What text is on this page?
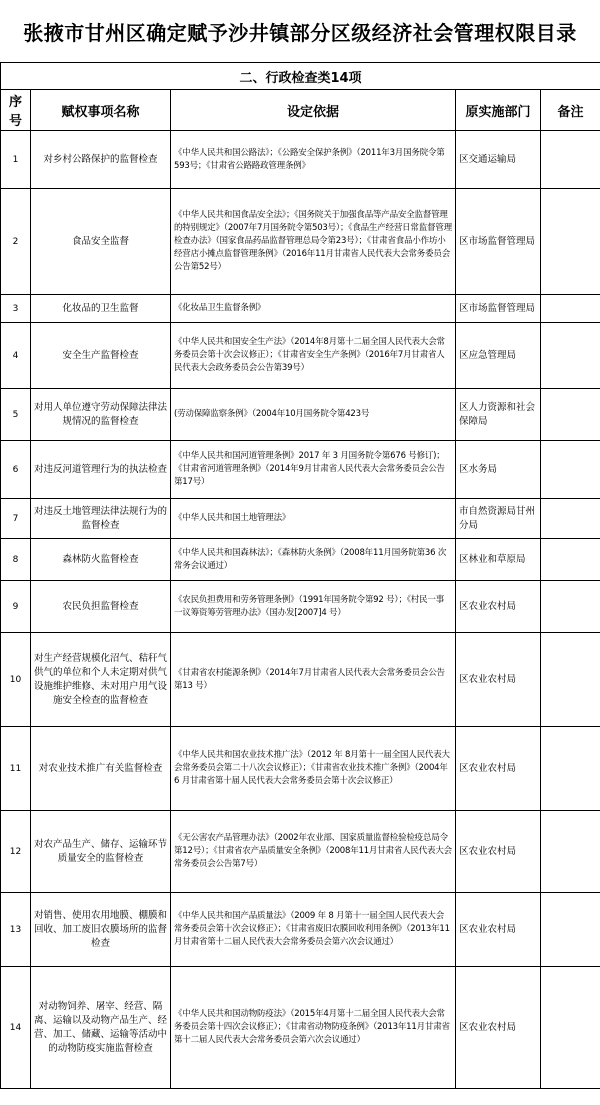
张掖市甘州区确定赋予沙井镇部分区级经济社会管理权限目录
二、行政检查类14项				
序号	赋权事项名称	设定依据	原实施部门	备注
1	对乡村公路保护的监督检查	《中华人民共和国公路法》；《公路安全保护条例》（2011年3月国务院令第593号；《甘肃省公路路政管理条例》	区交通运输局	
2	食品安全监督	《中华人民共和国食品安全法》；《国务院关于加强食品等产品安全监督管理的特别规定》（2007年7月国务院令第503号）；《食品生产经营日常监督管理检查办法》（国家食品药品监督管理总局令第23号）；《甘肃省食品小作坊小经营店小摊点监督管理条例》（2016年11月甘肃省人民代表大会常务委员会公告第52号）	区市场监督管理局	
3	化妆品的卫生监督	《化妆品卫生监督条例》	区市场监督管理局	
4	安全生产监督检查	《中华人民共和国安全生产法》（2014年8月第十二届全国人民代表大会常务委员会第十次会议修正）；《甘肃省安全生产条例》（2016年7月甘肃省人民代表大会政务委员会公告第39号）	区应急管理局	
5	对用人单位遵守劳动保障法律法规情况的监督检查	(劳动保障监察条例》（2004年10月国务院令第423号	区人力资源和社会保障局	
6	对违反河道管理行为的执法检查	《中华人民共和国河道管理条例》2017 年 3 月国务院令第676 号修订)；《甘肃省河道管理条例》（2014年9月甘肃省人民代表大会常务委员会公告第17号）	区水务局	
7	对违反土地管理法律法规行为的监督检查	《中华人民共和国土地管理法》	市自然资源局甘州分局	
8	森林防火监督检查	《中华人民共和国森林法》；《森林防火条例》（2008年11月国务院第36 次常务会议通过）	区林业和草原局	
9	农民负担监督检查	《农民负担费用和劳务管理条例》（1991年国务院令第92 号）；《村民一事一议筹资筹劳管理办法》（国办发[2007]4 号）	区农业农村局	
10	对生产经营规模化沼气、秸秆气供气的单位和个人未定期对供气设施维护维修、未对用户用气设施安全检查的监督检查	《甘肃省农村能源条例》（2014年7月甘肃省人民代表大会常务委员会公告第13 号）	区农业农村局	
11	对农业技术推广有关监督检查	《中华人民共和国农业技术推广法》（2012 年 8月第十一届全国人民代表大会常务委员会第二十八次会议修正）；《甘肃省农业技术推广条例》（2004年6 月甘肃省第十届人民代表大会常务委员会第十次会议修正）	区农业农村局	
12	对农产品生产、储存、运输环节质量安全的监督检查	《无公害农产品管理办法》（2002年农业部、国家质量监督检验检疫总局令第12号）；《甘肃省农产品质量安全条例》（2008年11月甘肃省人民代表大会常务委员会公告第7号）	区农业农村局	
13	对销售、使用农用地膜、棚膜和回收、加工废旧农膜场所的监督检查	《中华人民共和国产品质量法》（2009 年 8 月第十一届全国人民代表大会常务委员会第十次会议修正）；《甘肃省废旧农膜回收利用条例》（2013年11月甘肃省第十二届人民代表大会常务委员会第六次会议通过）	区农业农村局	
14	对动物饲养、屠宰、经营、隔离、运输以及动物产品生产、经营、加工、储藏、运输等活动中的动物防疫实施监督检查	《中华人民共和国动物防疫法》（2015年4月第十二届全国人民代表大会常务委员会第十四次会议修正）；《甘肃省动物防疫条例》（2013年11月甘肃省第十二届人民代表大会常务委员会第六次会议通过）	区农业农村局	
